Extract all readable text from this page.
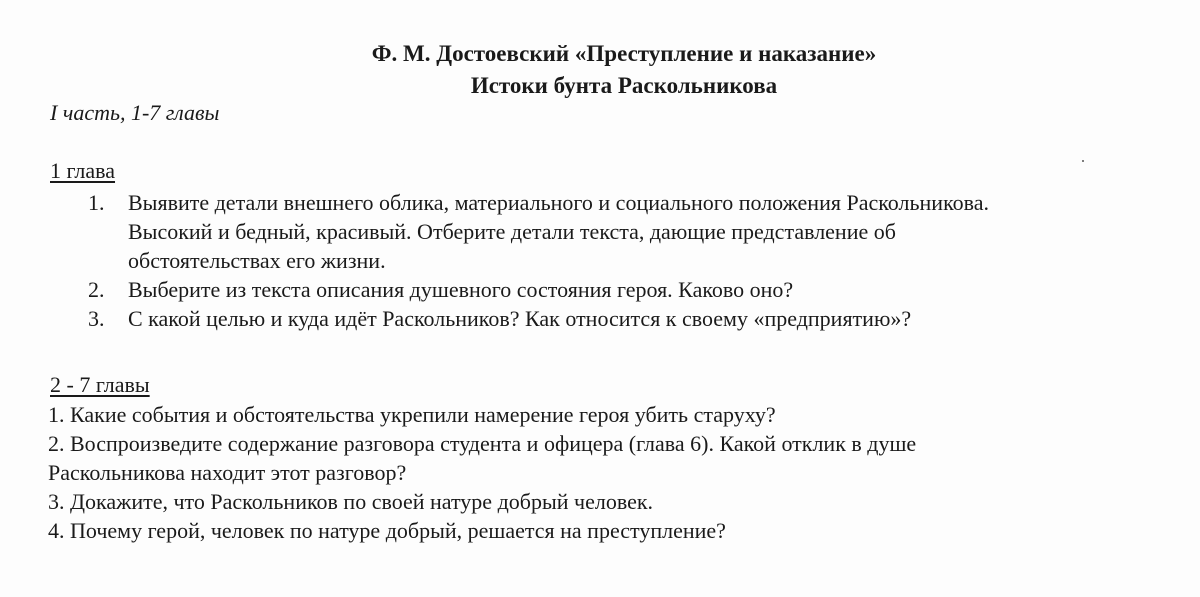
Ф. М. Достоевский «Преступление и наказание»
Истоки бунта Раскольникова
I часть, 1-7 главы
1 глава
1. Выявите детали внешнего облика, материального и социального положения Раскольникова.
Высокий и бедный, красивый. Отберите детали текста, дающие представление об
обстоятельствах его жизни.
2. Выберите из текста описания душевного состояния героя. Каково оно?
3. С какой целью и куда идёт Раскольников? Как относится к своему «предприятию»?
2 - 7 главы
1. Какие события и обстоятельства укрепили намерение героя убить старуху?
2. Воспроизведите содержание разговора студента и офицера (глава 6). Какой отклик в душе
Раскольникова находит этот разговор?
3. Докажите, что Раскольников по своей натуре добрый человек.
4. Почему герой, человек по натуре добрый, решается на преступление?
